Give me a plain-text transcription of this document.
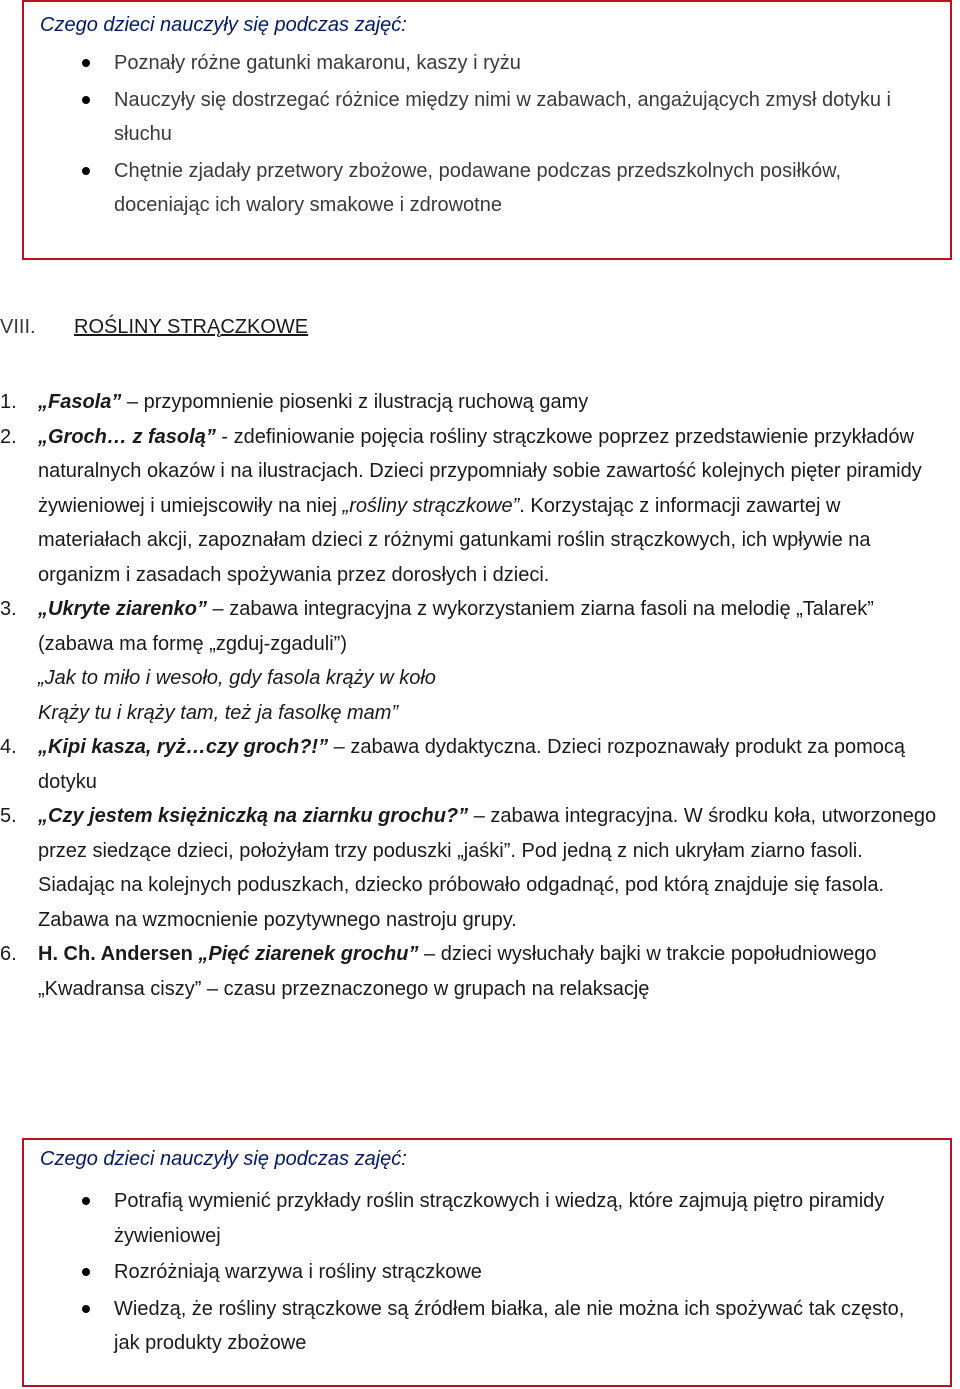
Czego dzieci nauczyły się podczas zajęć:

Poznały różne gatunki makaronu, kaszy i ryżu
Nauczyły się dostrzegać różnice między nimi w zabawach, angażujących zmysł dotyku i słuchu
Chętnie zjadały przetwory zbożowe, podawane podczas przedszkolnych posiłków, doceniając ich walory smakowe i zdrowotne
VIII. ROŚLINY STRĄCZKOWE
1. „Fasola” – przypomnienie piosenki z ilustracją ruchową gamy
2. „Groch… z fasolą” - zdefiniowanie pojęcia rośliny strączkowe poprzez przedstawienie przykładów naturalnych okazów i na ilustracjach. Dzieci przypomniały sobie zawartość kolejnych pięter piramidy żywieniowej i umiejscowiły na niej „rośliny strączkowe”. Korzystając z informacji zawartej w materiałach akcji, zapoznałam dzieci z różnymi gatunkami roślin strączkowych, ich wpływie na organizm i zasadach spożywania przez dorosłych i dzieci.
3. „Ukryte ziarenko” – zabawa integracyjna z wykorzystaniem ziarna fasoli na melodię „Talarek” (zabawa ma formę „zgduj-zgaduli”)
„Jak to miło i wesoło, gdy fasola krąży w koło
Krąży tu i krąży tam, też ja fasolkę mam”
4. „Kipi kasza, ryż…czy groch?!” – zabawa dydaktyczna. Dzieci rozpoznawały produkt za pomocą dotyku
5. „Czy jestem księżniczką na ziarnku grochu?” – zabawa integracyjna. W środku koła, utworzonego przez siedzące dzieci, położyłam trzy poduszki „jaśki”. Pod jedną z nich ukryłam ziarno fasoli. Siadając na kolejnych poduszkach, dziecko próbowało odgadnąć, pod którą znajduje się fasola. Zabawa na wzmocnienie pozytywnego nastroju grupy.
6. H. Ch. Andersen „Pięć ziarenek grochu” – dzieci wysłuchały bajki w trakcie popołudniowego „Kwadransa ciszy” – czasu przeznaczonego w grupach na relaksację

Czego dzieci nauczyły się podczas zajęć:

Potrafią wymienić przykłady roślin strączkowych i wiedzą, które zajmują piętro piramidy żywieniowej
Rozróżniają warzywa i rośliny strączkowe
Wiedzą, że rośliny strączkowe są źródłem białka, ale nie można ich spożywać tak często, jak produkty zbożowe
